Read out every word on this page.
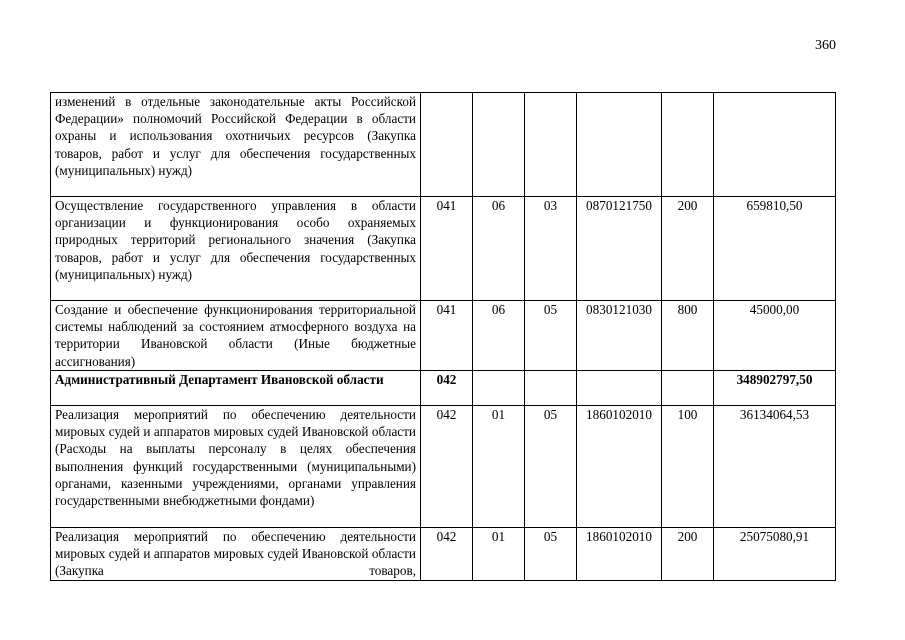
360
изменений в отдельные законодательные акты Российской Федерации» полномочий Российской Федерации в области охраны и использования охотничьих ресурсов (Закупка товаров, работ и услуг для обеспечения государственных (муниципальных) нужд)						
Осуществление государственного управления в области организации и функционирования особо охраняемых природных территорий регионального значения (Закупка товаров, работ и услуг для обеспечения государственных (муниципальных) нужд)	041	06	03	0870121750	200	659810,50
Создание и обеспечение функционирования территориальной системы наблюдений за состоянием атмосферного воздуха на территории Ивановской области (Иные бюджетные ассигнования)	041	06	05	0830121030	800	45000,00
Административный Департамент Ивановской области	042					348902797,50
Реализация мероприятий по обеспечению деятельности мировых судей и аппаратов мировых судей Ивановской области (Расходы на выплаты персоналу в целях обеспечения выполнения функций государственными (муниципальными) органами, казенными учреждениями, органами управления государственными внебюджетными фондами)	042	01	05	1860102010	100	36134064,53
Реализация мероприятий по обеспечению деятельности мировых судей и аппаратов мировых судей Ивановской области (Закупка товаров,	042	01	05	1860102010	200	25075080,91
